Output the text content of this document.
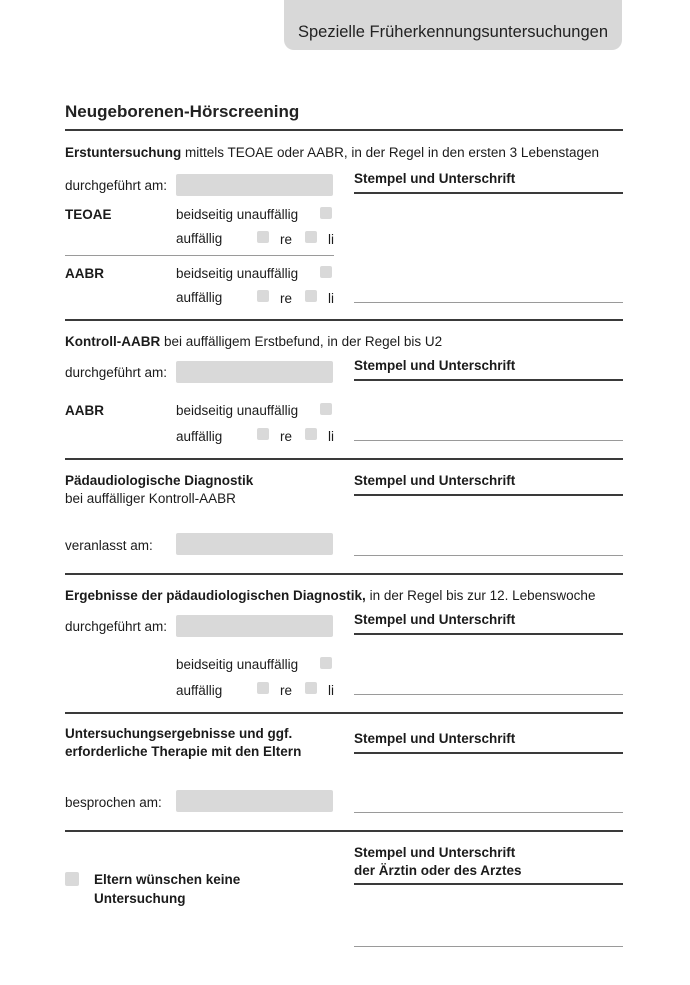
Spezielle Früherkennungsuntersuchungen
Neugeborenen-Hörscreening
Erstuntersuchung mittels TEOAE oder AABR, in der Regel in den ersten 3 Lebenstagen
durchgeführt am:	Stempel und Unterschrift
TEOAE	beidseitig unauffällig
auffällig	re	li
AABR	beidseitig unauffällig
auffällig	re	li
Kontroll-AABR bei auffälligem Erstbefund, in der Regel bis U2
durchgeführt am:	Stempel und Unterschrift
AABR	beidseitig unauffällig
auffällig	re	li
Pädaudiologische Diagnostik
bei auffälliger Kontroll-AABR
Stempel und Unterschrift
veranlasst am:
Ergebnisse der pädaudiologischen Diagnostik, in der Regel bis zur 12. Lebenswoche
durchgeführt am:	Stempel und Unterschrift
beidseitig unauffällig
auffällig	re	li
Untersuchungsergebnisse und ggf.
erforderliche Therapie mit den Eltern
Stempel und Unterschrift
besprochen am:
Eltern wünschen keine
Untersuchung
Stempel und Unterschrift
der Ärztin oder des Arztes
